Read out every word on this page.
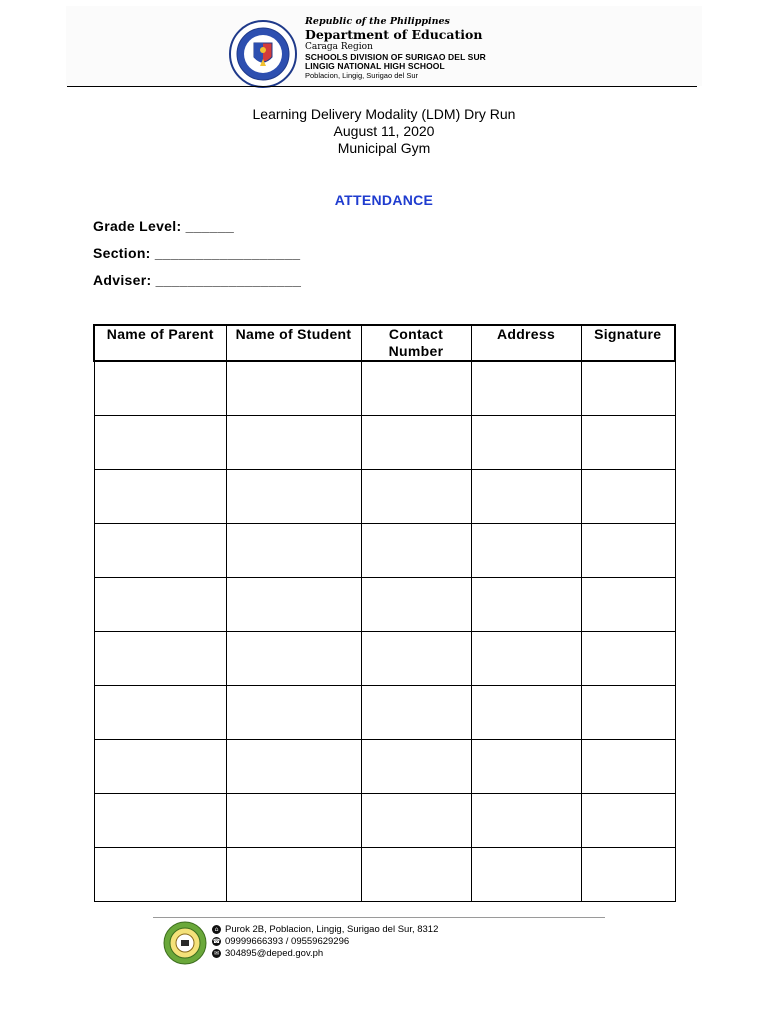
Republic of the Philippines
Department of Education
Caraga Region
SCHOOLS DIVISION OF SURIGAO DEL SUR
LINGIG NATIONAL HIGH SCHOOL
Poblacion, Lingig, Surigao del Sur
Learning Delivery Modality (LDM) Dry Run
August 11, 2020
Municipal Gym
ATTENDANCE
Grade Level: ______
Section: __________________
Adviser: __________________
Name of Parent	Name of Student	Contact Number	Address	Signature

⌂ Purok 2B, Poblacion, Lingig, Surigao del Sur, 8312
☎ 09999666393 / 09559629296
✉ 304895@deped.gov.ph
